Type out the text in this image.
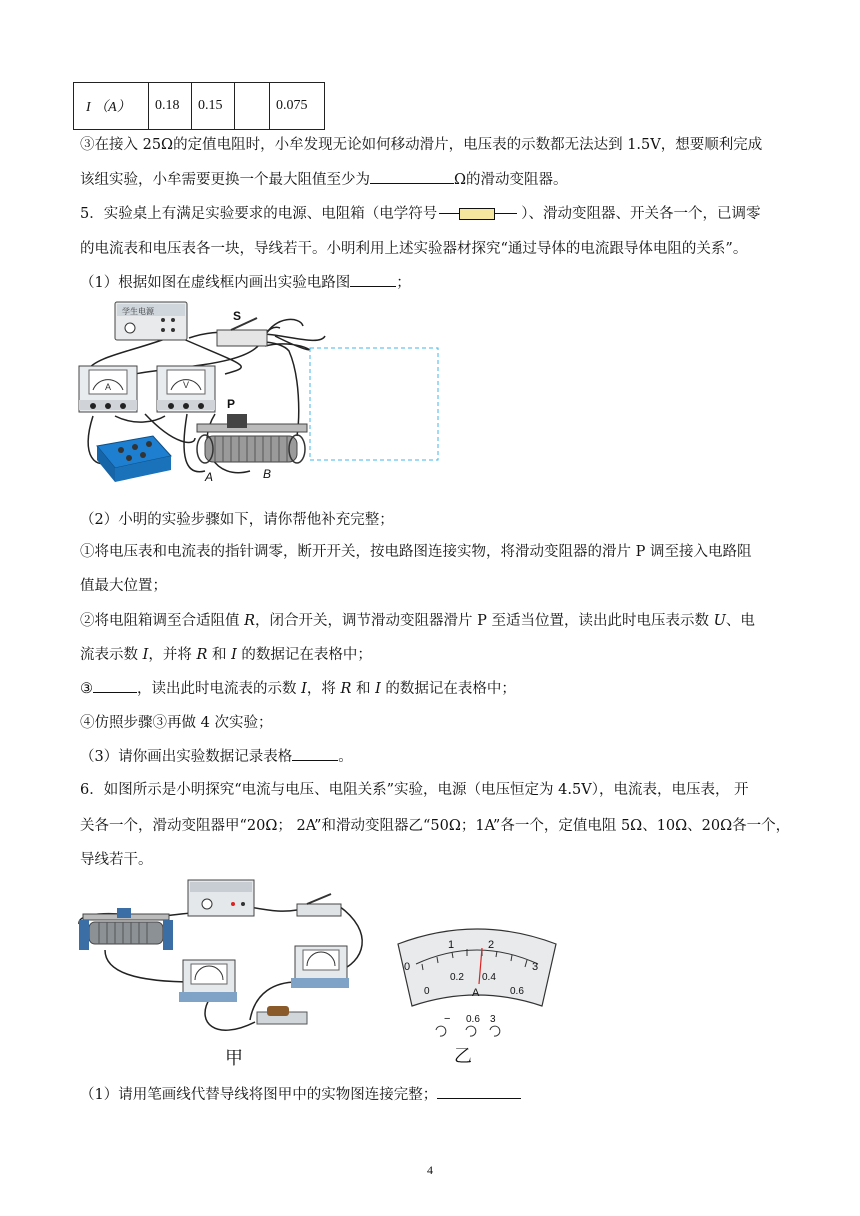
I （A）	0.18	0.15		0.075
③在接入 25Ω的定值电阻时，小牟发现无论如何移动滑片，电压表的示数都无法达到 1.5V，想要顺利完成
该组实验，小牟需要更换一个最大阻值至少为	Ω的滑动变阻器。
5．实验桌上有满足实验要求的电源、电阻箱（电学符号	）、滑动变阻器、开关各一个，已调零
的电流表和电压表各一块，导线若干。小明利用上述实验器材探究“通过导体的电流跟导体电阻的关系”。
（1）根据如图在虚线框内画出实验电路图	；
学生电源	S
A	V
P
A	B
（2）小明的实验步骤如下，请你帮他补充完整；
①将电压表和电流表的指针调零，断开开关，按电路图连接实物，将滑动变阻器的滑片 P 调至接入电路阻
值最大位置；
②将电阻箱调至合适阻值 R，闭合开关，调节滑动变阻器滑片 P 至适当位置，读出此时电压表示数 U、电
流表示数 I，并将 R 和 I 的数据记在表格中；
③	，读出此时电流表的示数 I，将 R 和 I 的数据记在表格中；
④仿照步骤③再做 4 次实验；
（3）请你画出实验数据记录表格	。
6．如图所示是小明探究“电流与电压、电阻关系”实验，电源（电压恒定为 4.5V），电流表，电压表， 开
关各一个，滑动变阻器甲“20Ω； 2A”和滑动变阻器乙“50Ω；1A”各一个，定值电阻 5Ω、10Ω、20Ω各一个，
导线若干。
甲
0
1	2
3
0
0.2 0.4
0.6
A
− 0.6 3
乙
（1）请用笔画线代替导线将图甲中的实物图连接完整；
4
